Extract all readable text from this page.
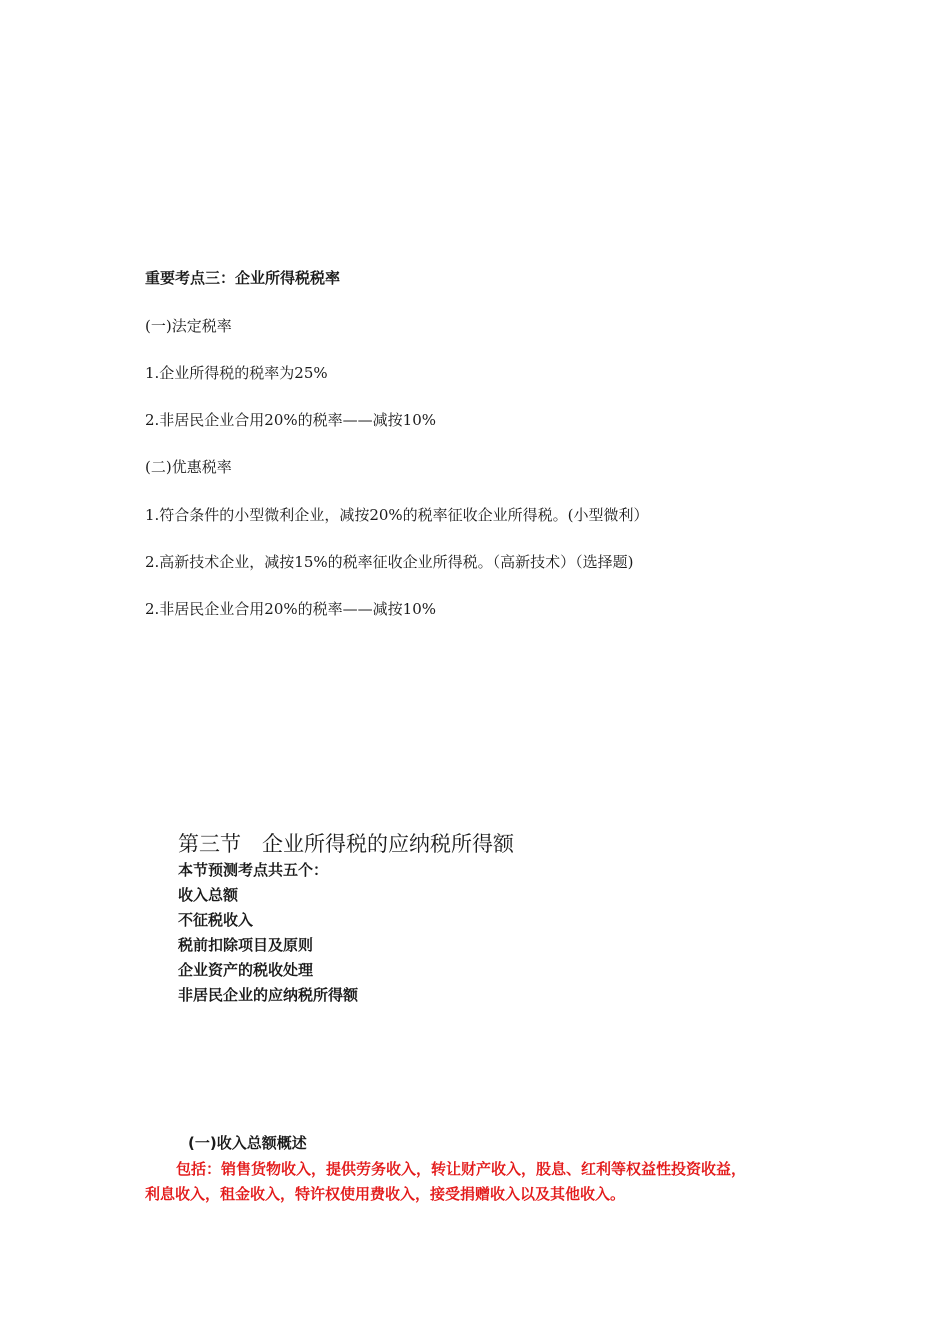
重要考点三：企业所得税税率
(一)法定税率
1.企业所得税的税率为25%
2.非居民企业合用20%的税率——减按10%
(二)优惠税率
1.符合条件的小型微利企业，减按20%的税率征收企业所得税。(小型微利）
2.高新技术企业，减按15%的税率征收企业所得税。（高新技术）（选择题)
2.非居民企业合用20%的税率——减按10%
第三节　企业所得税的应纳税所得额
本节预测考点共五个：
收入总额
不征税收入
税前扣除项目及原则
企业资产的税收处理
非居民企业的应纳税所得额
(一)收入总额概述
包括：销售货物收入，提供劳务收入，转让财产收入，股息、红利等权益性投资收益，
利息收入，租金收入，特许权使用费收入，接受捐赠收入以及其他收入。
